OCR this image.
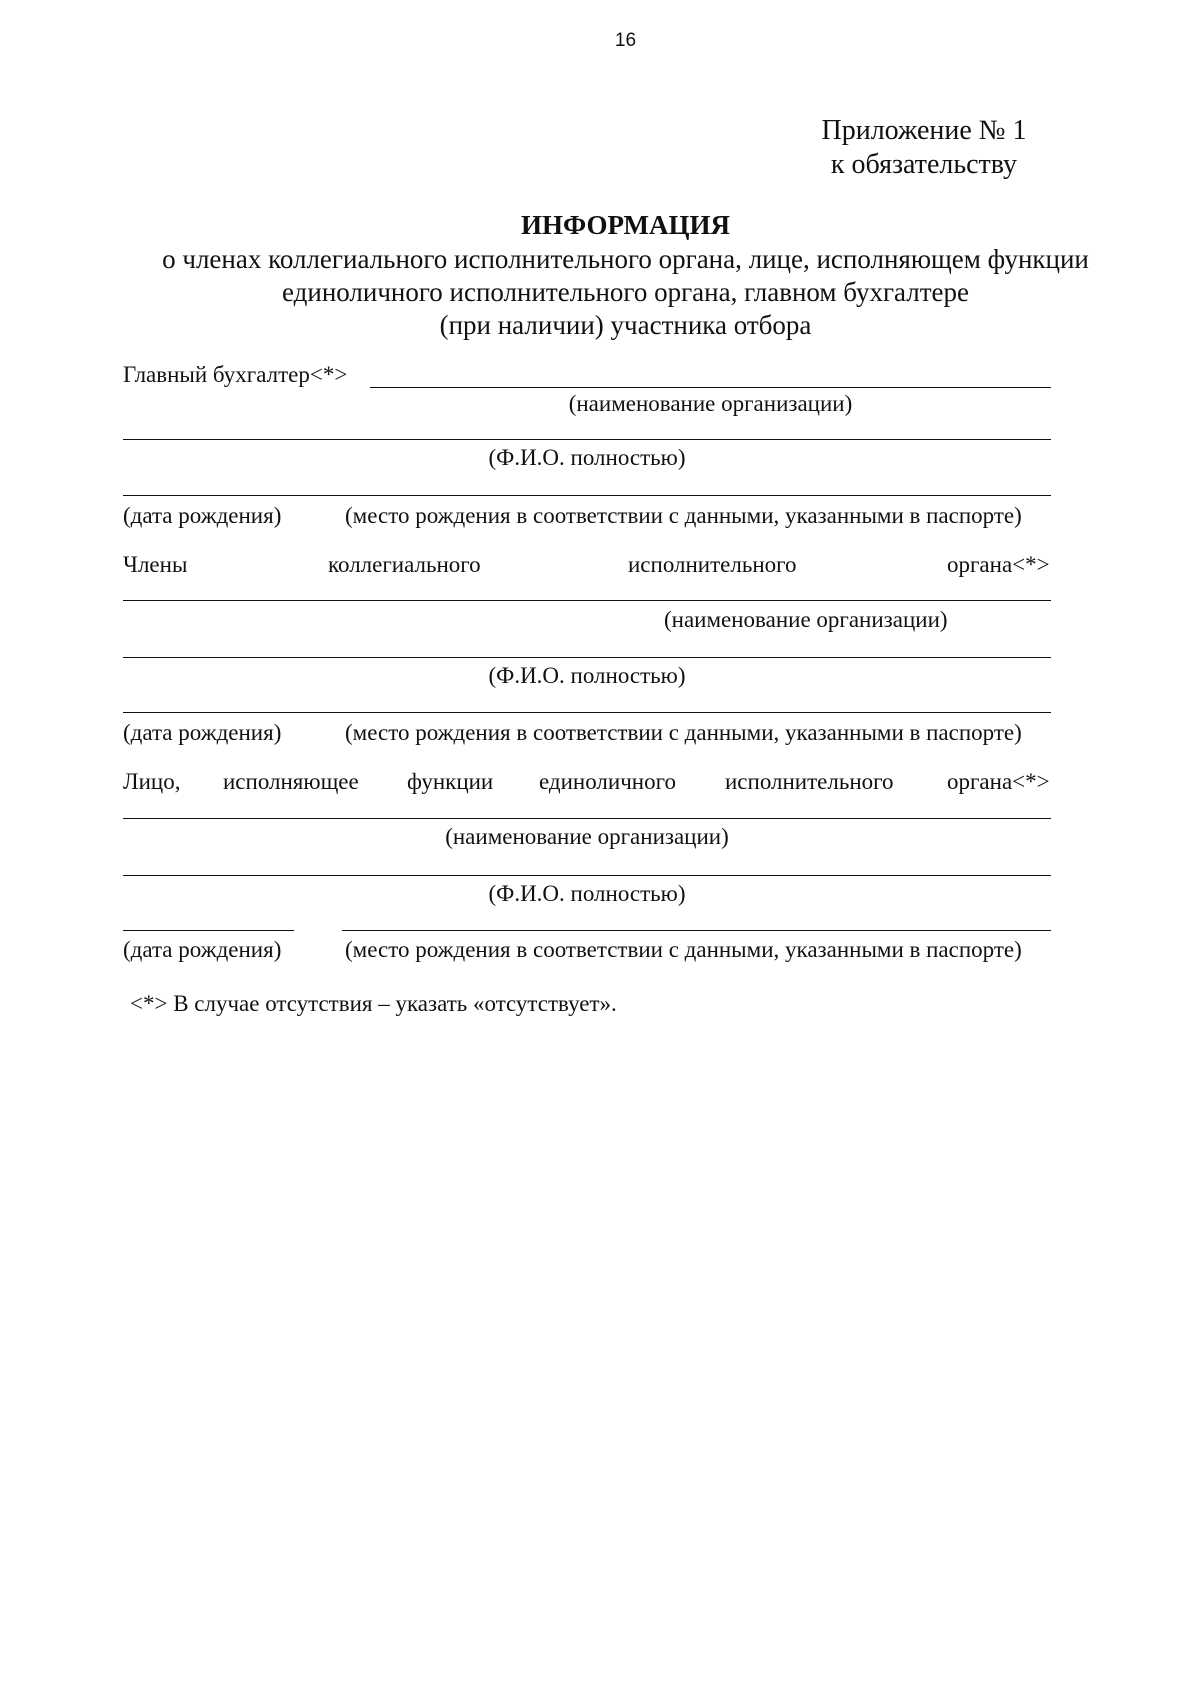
16
Приложение № 1
к обязательству
ИНФОРМАЦИЯ
о членах коллегиального исполнительного органа, лице, исполняющем функции
единоличного исполнительного органа, главном бухгалтере
(при наличии) участника отбора
Главный бухгалтер<*>
(наименование организации)
(Ф.И.О. полностью)
(дата рождения)	(место рождения в соответствии с данными, указанными в паспорте)
Члены	коллегиального	исполнительного	органа<*>
(наименование организации)
(Ф.И.О. полностью)
(дата рождения)	(место рождения в соответствии с данными, указанными в паспорте)
Лицо, исполняющее функции единоличного исполнительного органа<*>
(наименование организации)
(Ф.И.О. полностью)
(дата рождения)	(место рождения в соответствии с данными, указанными в паспорте)
<*> В случае отсутствия – указать «отсутствует».
